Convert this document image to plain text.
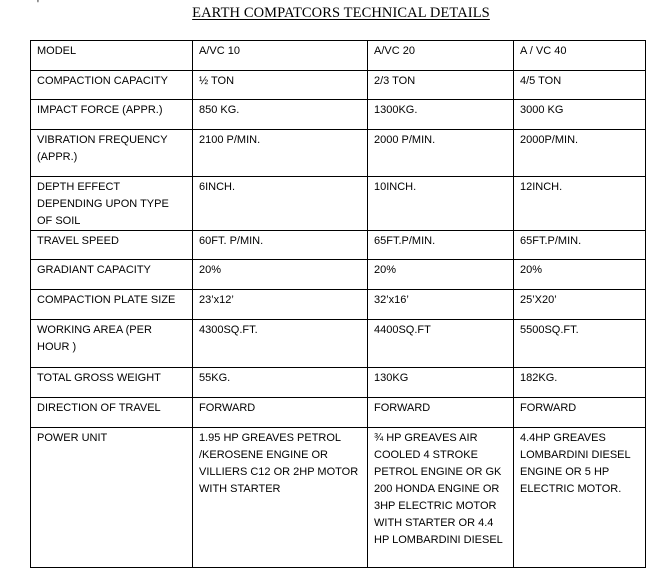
'
EARTH COMPATCORS TECHNICAL DETAILS
MODEL	A/VC 10	A/VC 20	A / VC 40
COMPACTION CAPACITY	½ TON	2/3 TON	4/5 TON
IMPACT FORCE (APPR.)	850 KG.	1300KG.	3000 KG
VIBRATION FREQUENCY (APPR.)	2100 P/MIN.	2000 P/MIN.	2000P/MIN.
DEPTH EFFECT DEPENDING UPON TYPE OF SOIL	6INCH.	10INCH.	12INCH.
TRAVEL SPEED	60FT. P/MIN.	65FT.P/MIN.	65FT.P/MIN.
GRADIANT CAPACITY	20%	20%	20%
COMPACTION PLATE SIZE	23’x12’	32’x16’	25’X20’
WORKING AREA (PER HOUR )	4300SQ.FT.	4400SQ.FT	5500SQ.FT.
TOTAL GROSS WEIGHT	55KG.	130KG	182KG.
DIRECTION OF TRAVEL	FORWARD	FORWARD	FORWARD
POWER UNIT	1.95 HP GREAVES PETROL /KEROSENE ENGINE OR VILLIERS C12 OR 2HP MOTOR WITH STARTER	¾ HP GREAVES AIR COOLED 4 STROKE PETROL ENGINE OR GK 200 HONDA ENGINE OR 3HP ELECTRIC MOTOR WITH STARTER OR 4.4 HP LOMBARDINI DIESEL	4.4HP GREAVES LOMBARDINI DIESEL ENGINE OR 5 HP ELECTRIC MOTOR.
